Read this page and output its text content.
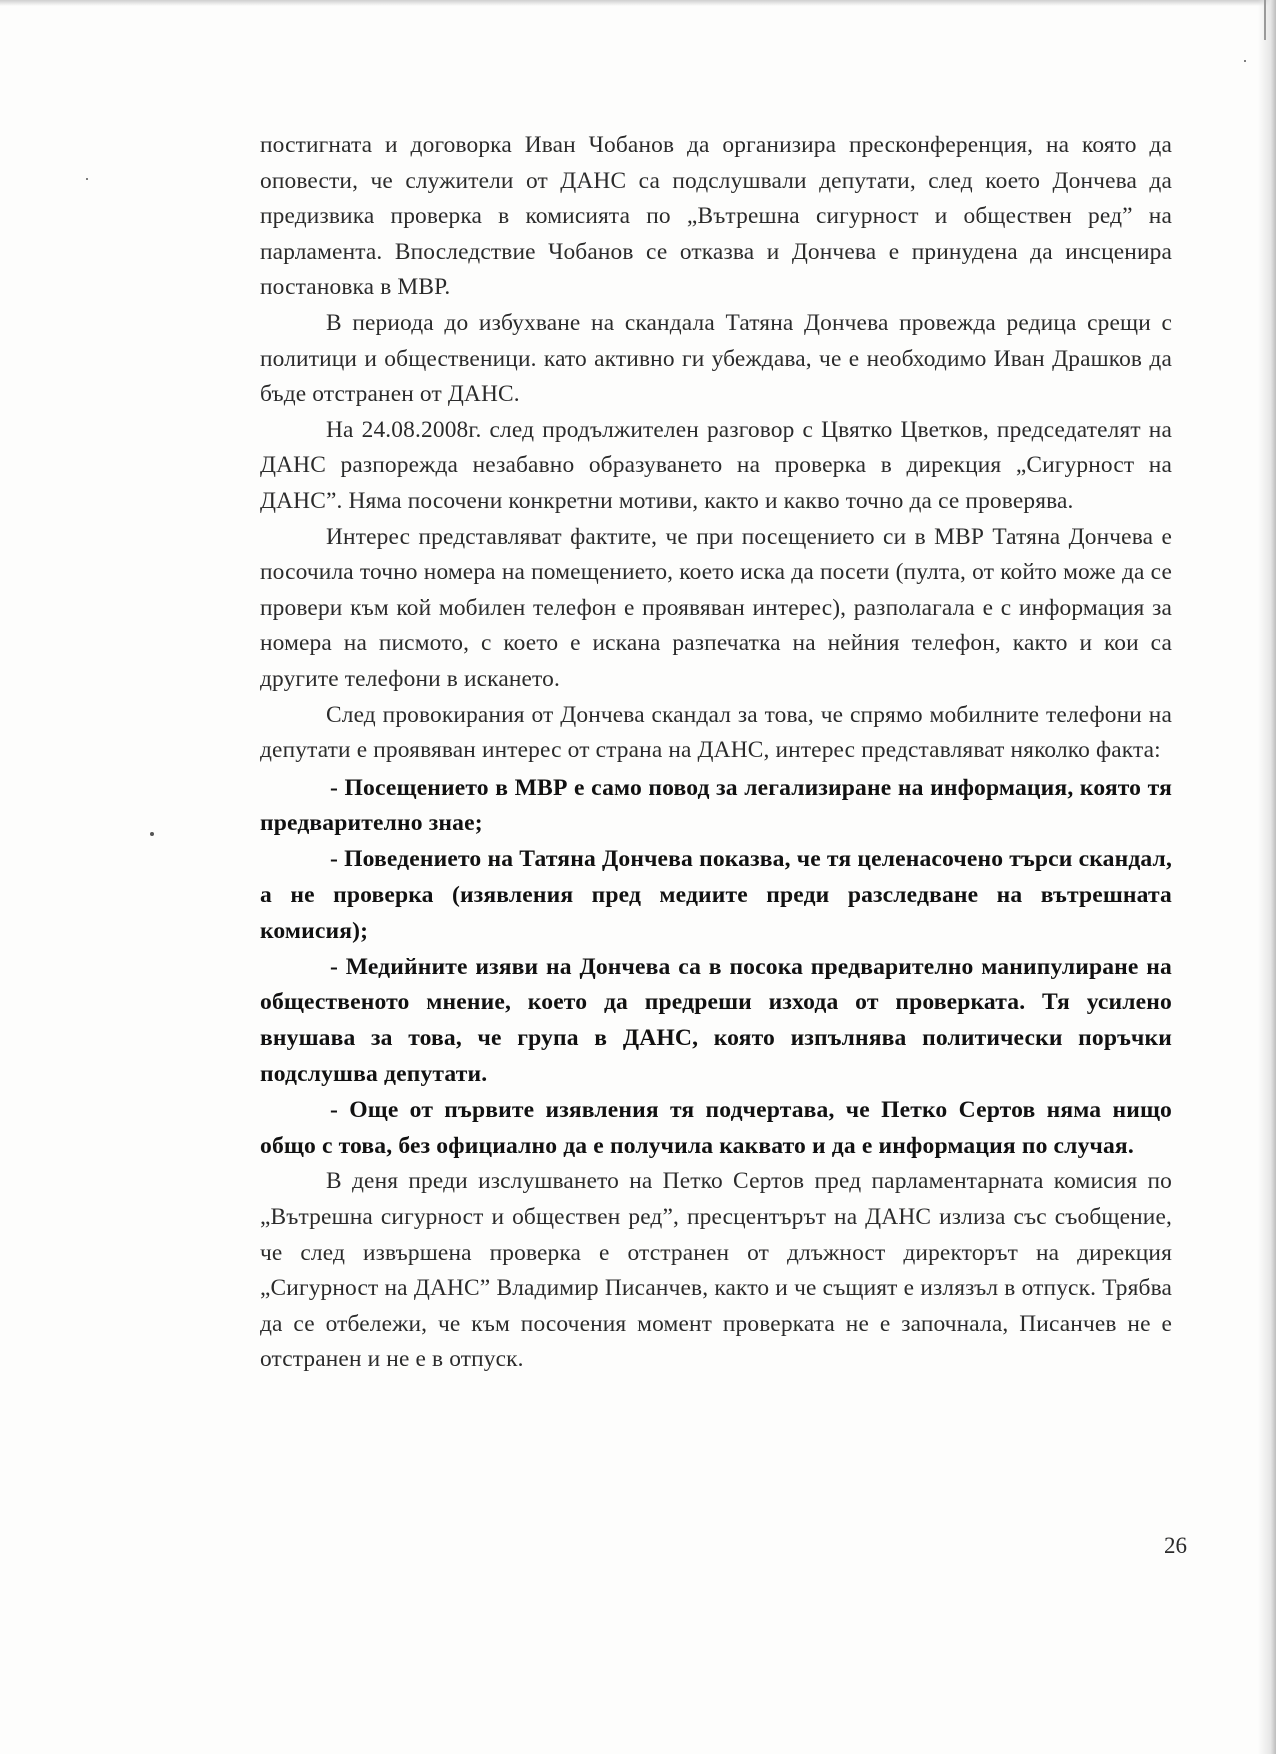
постигната и договорка Иван Чобанов да организира пресконференция, на която да оповести, че служители от ДАНС са подслушвали депутати, след което Дончева да предизвика проверка в комисията по „Вътрешна сигурност и обществен ред” на парламента. Впоследствие Чобанов се отказва и Дончева е принудена да инсценира постановка в МВР.

В периода до избухване на скандала Татяна Дончева провежда редица срещи с политици и общественици. като активно ги убеждава, че е необходимо Иван Драшков да бъде отстранен от ДАНС.

На 24.08.2008г. след продължителен разговор с Цвятко Цветков, председателят на ДАНС разпорежда незабавно образуването на проверка в дирекция „Сигурност на ДАНС”. Няма посочени конкретни мотиви, както и какво точно да се проверява.

Интерес представляват фактите, че при посещението си в МВР Татяна Дончева е посочила точно номера на помещението, което иска да посети (пулта, от който може да се провери към кой мобилен телефон е проявяван интерес), разполагала е с информация за номера на писмото, с което е искана разпечатка на нейния телефон, както и кои са другите телефони в искането.

След провокирания от Дончева скандал за това, че спрямо мобилните телефони на депутати е проявяван интерес от страна на ДАНС, интерес представляват няколко факта:

- Посещението в МВР е само повод за легализиране на информация, която тя предварително знае;

- Поведението на Татяна Дончева показва, че тя целенасочено търси скандал, а не проверка (изявления пред медиите преди разследване на вътрешната комисия);

- Медийните изяви на Дончева са в посока предварително манипулиране на общественото мнение, което да предреши изхода от проверката. Тя усилено внушава за това, че група в ДАНС, която изпълнява политически поръчки подслушва депутати.

- Още от първите изявления тя подчертава, че Петко Сертов няма нищо общо с това, без официално да е получила каквато и да е информация по случая.

В деня преди изслушването на Петко Сертов пред парламентарната комисия по „Вътрешна сигурност и обществен ред”, пресцентърът на ДАНС излиза със съобщение, че след извършена проверка е отстранен от длъжност директорът на дирекция „Сигурност на ДАНС” Владимир Писанчев, както и че същият е излязъл в отпуск. Трябва да се отбележи, че към посочения момент проверката не е започнала, Писанчев не е отстранен и не е в отпуск.

26
